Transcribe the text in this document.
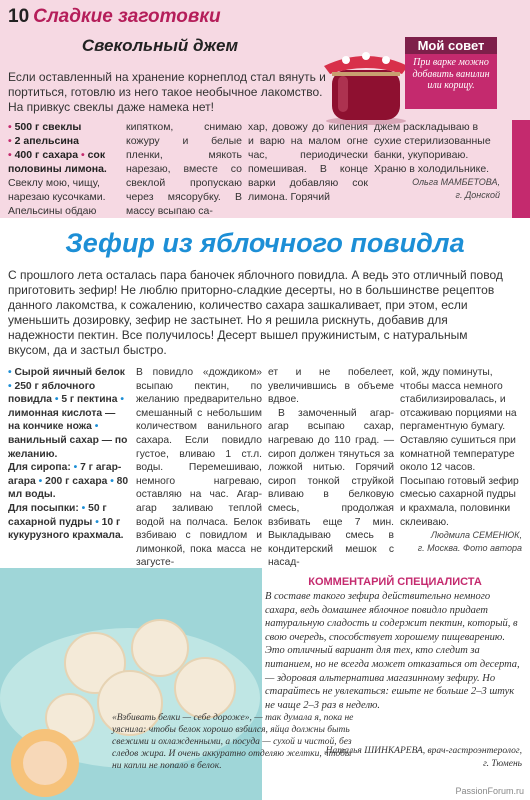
10 Сладкие заготовки
Свекольный джем	Мой совет
При варке можно добавить ванилин или корицу.
Если оставленный на хранение корнеплод стал вянуть и портиться, готовлю из него такое необычное лакомство. На привкус свеклы даже намека нет!

• 500 г свеклы

• 2 апельсина

• 400 г сахара • сок половины лимона.

Свеклу мою, чищу, нарезаю кусочками. Апельсины обдаю

кипятком, снимаю кожуру и белые пленки, мякоть нарезаю, вместе со свеклой пропускаю через мясорубку. В массу всыпаю са-
хар, довожу до кипения и варю на малом огне час, периодически помешивая. В конце варки добавляю сок лимона. Горячий

джем раскладываю в сухие стерилизованные банки, укупориваю. Храню в холодильнике.

Ольга МАМБЕТОВА,

г. Донской

Зефир из яблочного повидла
С прошлого лета осталась пара баночек яблочного повидла. А ведь это отличный повод приготовить зефир! Не люблю приторно-сладкие десерты, но в большинстве рецептов данного лакомства, к сожалению, количество сахара зашкаливает, при этом, если уменьшить дозировку, зефир не застынет. Но я решила рискнуть, добавив для надежности пектин. Все получилось! Десерт вышел пружинистым, с натуральным вкусом, да и застыл быстро.

• Сырой яичный белок • 250 г яблочного повидла • 5 г пектина • лимонная кислота — на кончике ножа • ванильный сахар — по желанию.

Для сиропа: • 7 г агар-агара • 200 г сахара • 80 мл воды.

Для посыпки: • 50 г сахарной пудры • 10 г кукурузного крахмала.

В повидло «дождиком» всыпаю пектин, по желанию предварительно смешанный с небольшим количеством ванильного сахара. Если повидло густое, вливаю 1 ст.л. воды. Перемешиваю, немного нагреваю, оставляю на час. Агар-агар заливаю теплой водой на полчаса. Белок взбиваю с повидлом и лимонкой, пока масса не загусте-

ет и не побелеет, увеличившись в объеме вдвое.

В замоченный агар-агар всыпаю сахар, нагреваю до 110 град. — сироп должен тянуться за ложкой нитью. Горячий сироп тонкой струйкой вливаю в белковую смесь, продолжая взбивать еще 7 мин. Выкладываю смесь в кондитерский мешок с насад-

кой, жду поминуты, чтобы масса немного стабилизировалась, и отсаживаю порциями на пергаментную бумагу. Оставляю сушиться при комнатной температуре около 12 часов. Посыпаю готовый зефир смесью сахарной пудры и крахмала, половинки склеиваю.

Людмила СЕМЕНЮК,

г. Москва. Фото автора

«Взбивать белки — себе дороже», — так думала я, пока не уяснила: чтобы белок хорошо взбился, яйца должны быть свежими и охлажденными, а посуда — сухой и чистой, без следов жира. И очень аккуратно отделяю желтки, чтобы ни капли не попало в белок.
КОММЕНТАРИЙ СПЕЦИАЛИСТА
В составе такого зефира действительно немного сахара, ведь домашнее яблочное повидло придает натуральную сладость и содержит пектин, который, в свою очередь, способствует хорошему пищеварению. Это отличный вариант для тех, кто следит за питанием, но не всегда может отказаться от десерта, — здоровая альтернатива магазинному зефиру. Но старайтесь не увлекаться: ешьте не больше 2–3 штук не чаще 2–3 раз в неделю.

Наталья ШИНКАРЕВА, врач-гастроэнтеролог,

г. Тюмень

PassionForum.ru
